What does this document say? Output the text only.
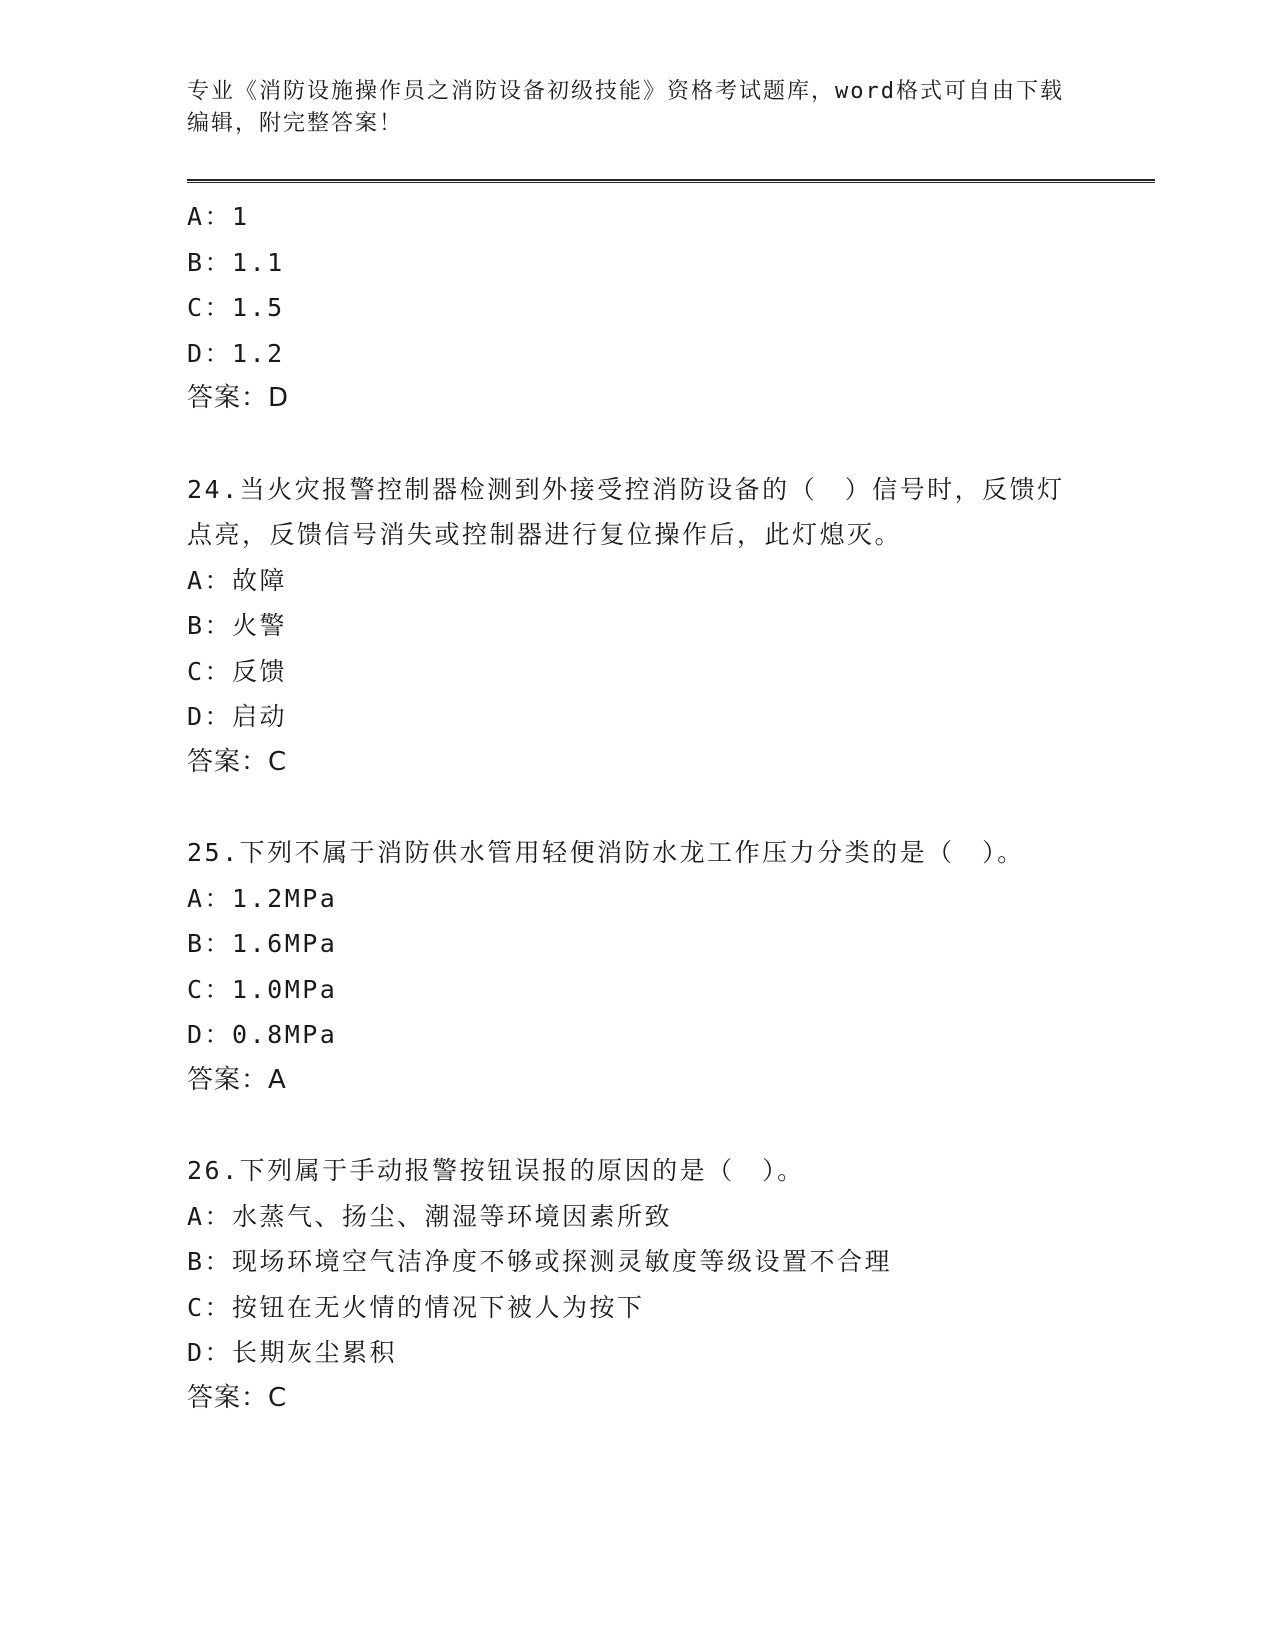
专业《消防设施操作员之消防设备初级技能》资格考试题库，word格式可自由下载编辑，附完整答案！
A：1
B：1.1
C：1.5
D：1.2
答案：D
24.当火灾报警控制器检测到外接受控消防设备的（　）信号时，反馈灯点亮，反馈信号消失或控制器进行复位操作后，此灯熄灭。
A：故障
B：火警
C：反馈
D：启动
答案：C
25.下列不属于消防供水管用轻便消防水龙工作压力分类的是（　）。
A：1.2MPa
B：1.6MPa
C：1.0MPa
D：0.8MPa
答案：A
26.下列属于手动报警按钮误报的原因的是（　）。
A：水蒸气、扬尘、潮湿等环境因素所致
B：现场环境空气洁净度不够或探测灵敏度等级设置不合理
C：按钮在无火情的情况下被人为按下
D：长期灰尘累积
答案：C
